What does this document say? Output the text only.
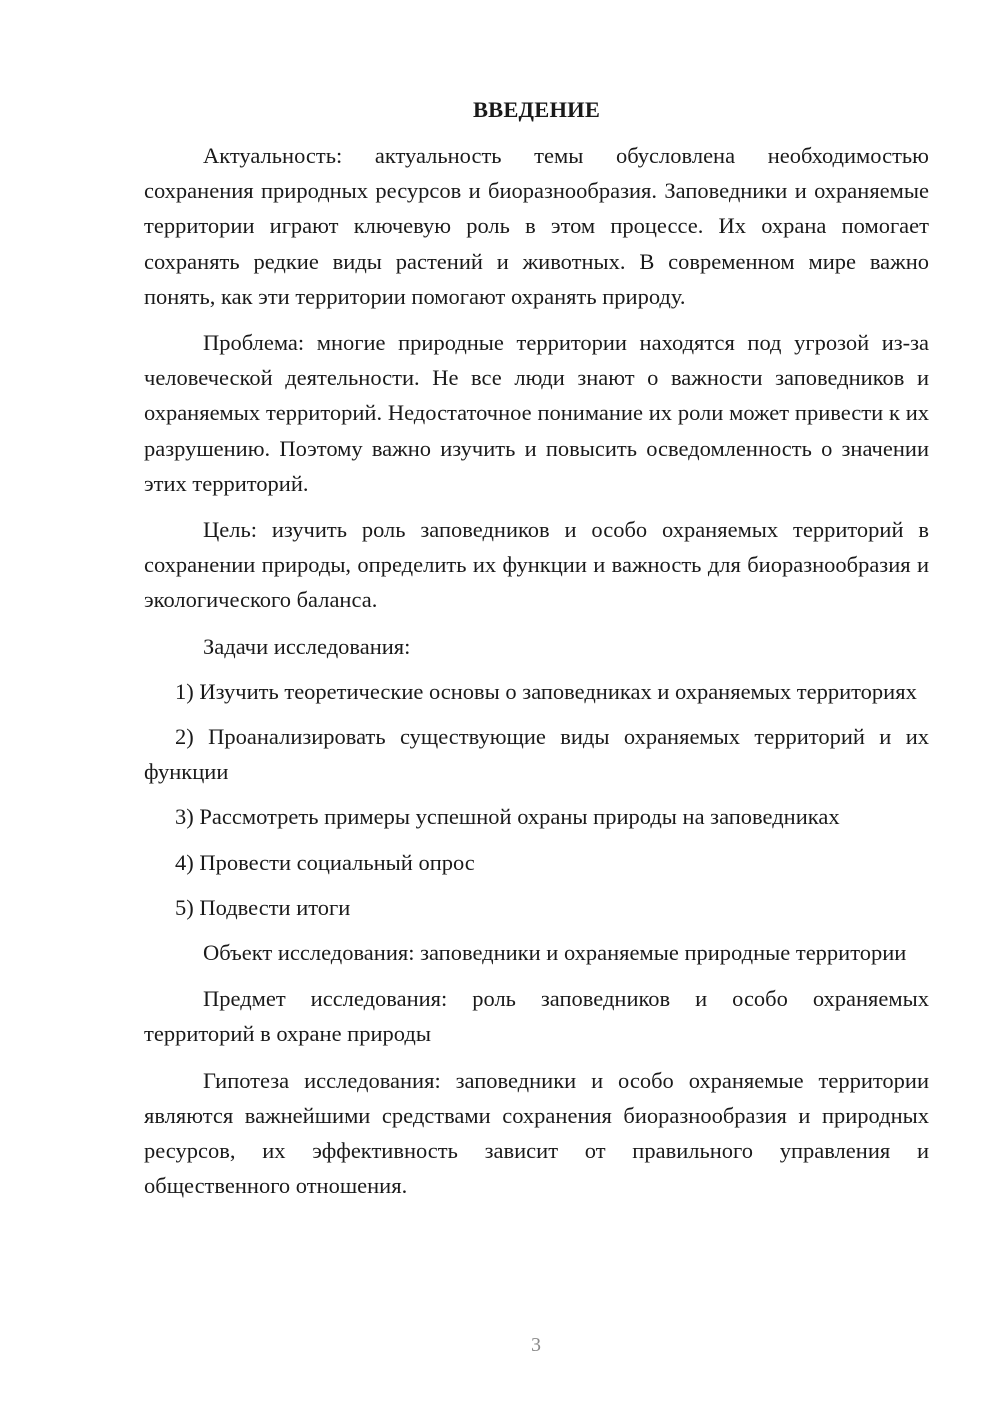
ВВЕДЕНИЕ

Актуальность: актуальность темы обусловлена необходимостью сохранения природных ресурсов и биоразнообразия. Заповедники и охраняемые территории играют ключевую роль в этом процессе. Их охрана помогает сохранять редкие виды растений и животных. В современном мире важно понять, как эти территории помогают охранять природу.

Проблема: многие природные территории находятся под угрозой из-за человеческой деятельности. Не все люди знают о важности заповедников и охраняемых территорий. Недостаточное понимание их роли может привести к их разрушению. Поэтому важно изучить и повысить осведомленность о значении этих территорий.

Цель: изучить роль заповедников и особо охраняемых территорий в сохранении природы, определить их функции и важность для биоразнообразия и экологического баланса.

Задачи исследования:

1) Изучить теоретические основы о заповедниках и охраняемых территориях

2) Проанализировать существующие виды охраняемых территорий и их функции

3) Рассмотреть примеры успешной охраны природы на заповедниках

4) Провести социальный опрос

5) Подвести итоги

Объект исследования: заповедники и охраняемые природные территории

Предмет исследования: роль заповедников и особо охраняемых территорий в охране природы

Гипотеза исследования: заповедники и особо охраняемые территории являются важнейшими средствами сохранения биоразнообразия и природных ресурсов, их эффективность зависит от правильного управления и общественного отношения.

3
